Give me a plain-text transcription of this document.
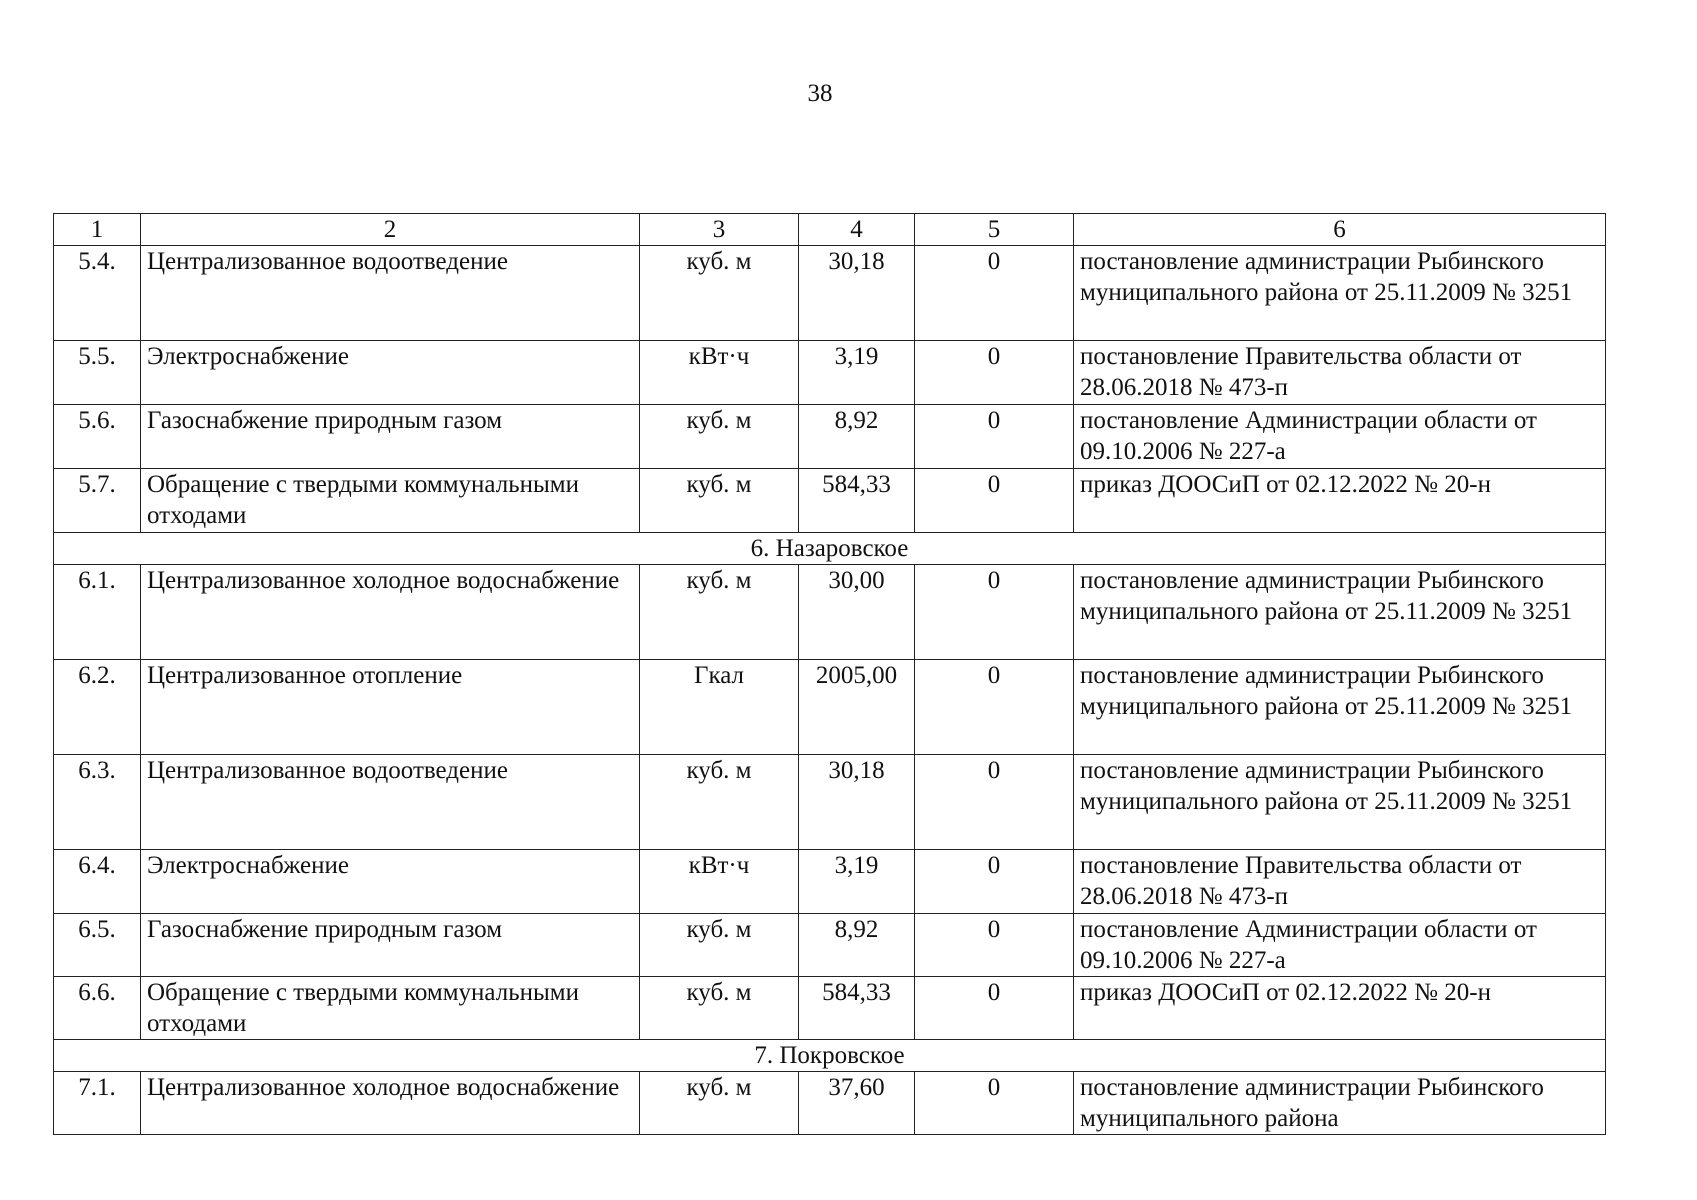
38
1	2	3	4	5	6
5.4.	Централизованное водоотведение	куб. м	30,18	0	постановление администрации Рыбинского муниципального района от 25.11.2009 № 3251
5.5.	Электроснабжение	кВт·ч	3,19	0	постановление Правительства области от 28.06.2018 № 473-п
5.6.	Газоснабжение природным газом	куб. м	8,92	0	постановление Администрации области от 09.10.2006 № 227-а
5.7.	Обращение с твердыми коммунальными отходами	куб. м	584,33	0	приказ ДООСиП от 02.12.2022 № 20-н
6. Назаровское					
6.1.	Централизованное холодное водоснабжение	куб. м	30,00	0	постановление администрации Рыбинского муниципального района от 25.11.2009 № 3251
6.2.	Централизованное отопление	Гкал	2005,00	0	постановление администрации Рыбинского муниципального района от 25.11.2009 № 3251
6.3.	Централизованное водоотведение	куб. м	30,18	0	постановление администрации Рыбинского муниципального района от 25.11.2009 № 3251
6.4.	Электроснабжение	кВт·ч	3,19	0	постановление Правительства области от 28.06.2018 № 473-п
6.5.	Газоснабжение природным газом	куб. м	8,92	0	постановление Администрации области от 09.10.2006 № 227-а
6.6.	Обращение с твердыми коммунальными отходами	куб. м	584,33	0	приказ ДООСиП от 02.12.2022 № 20-н
7. Покровское					
7.1.	Централизованное холодное водоснабжение	куб. м	37,60	0	постановление администрации Рыбинского муниципального района
